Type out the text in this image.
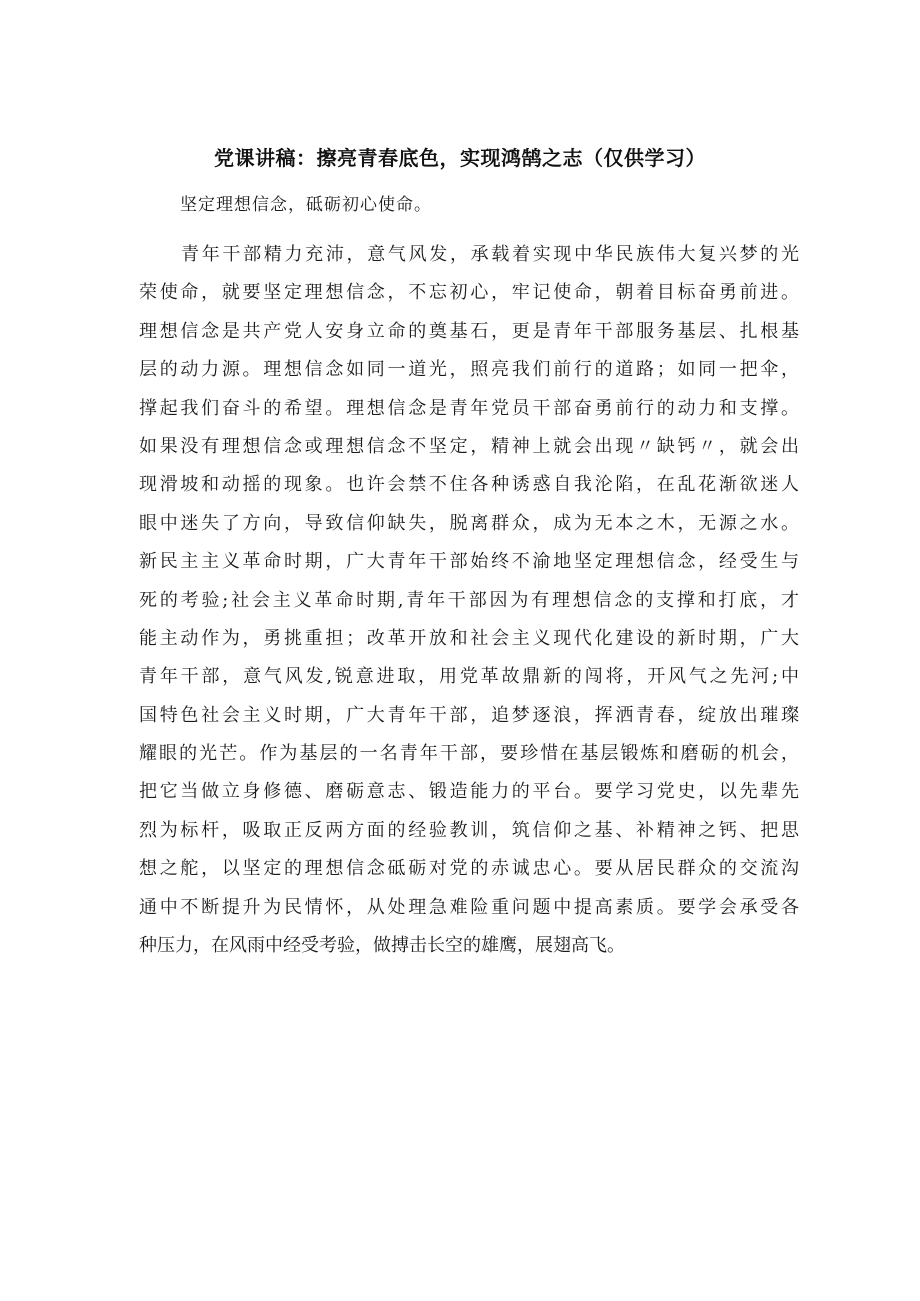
党课讲稿：擦亮青春底色，实现鸿鹄之志（仅供学习）

坚定理想信念，砥砺初心使命。

青年干部精力充沛，意气风发，承载着实现中华民族伟大复兴梦的光
荣使命，就要坚定理想信念，不忘初心，牢记使命，朝着目标奋勇前进。
理想信念是共产党人安身立命的奠基石，更是青年干部服务基层、扎根基
层的动力源。理想信念如同一道光，照亮我们前行的道路；如同一把伞，
撑起我们奋斗的希望。理想信念是青年党员干部奋勇前行的动力和支撑。
如果没有理想信念或理想信念不坚定，精神上就会出现〃缺钙〃，就会出
现滑坡和动摇的现象。也许会禁不住各种诱惑自我沦陷，在乱花渐欲迷人
眼中迷失了方向，导致信仰缺失，脱离群众，成为无本之木，无源之水。
新民主主义革命时期，广大青年干部始终不渝地坚定理想信念，经受生与
死的考验;社会主义革命时期,青年干部因为有理想信念的支撑和打底，才
能主动作为，勇挑重担；改革开放和社会主义现代化建设的新时期，广大
青年干部，意气风发,锐意进取，用党革故鼎新的闯将，开风气之先河;中
国特色社会主义时期，广大青年干部，追梦逐浪，挥洒青春，绽放出璀璨
耀眼的光芒。作为基层的一名青年干部，要珍惜在基层锻炼和磨砺的机会，
把它当做立身修德、磨砺意志、锻造能力的平台。要学习党史，以先辈先
烈为标杆，吸取正反两方面的经验教训，筑信仰之基、补精神之钙、把思
想之舵，以坚定的理想信念砥砺对党的赤诚忠心。要从居民群众的交流沟
通中不断提升为民情怀，从处理急难险重问题中提高素质。要学会承受各
种压力，在风雨中经受考验，做搏击长空的雄鹰，展翅高飞。
